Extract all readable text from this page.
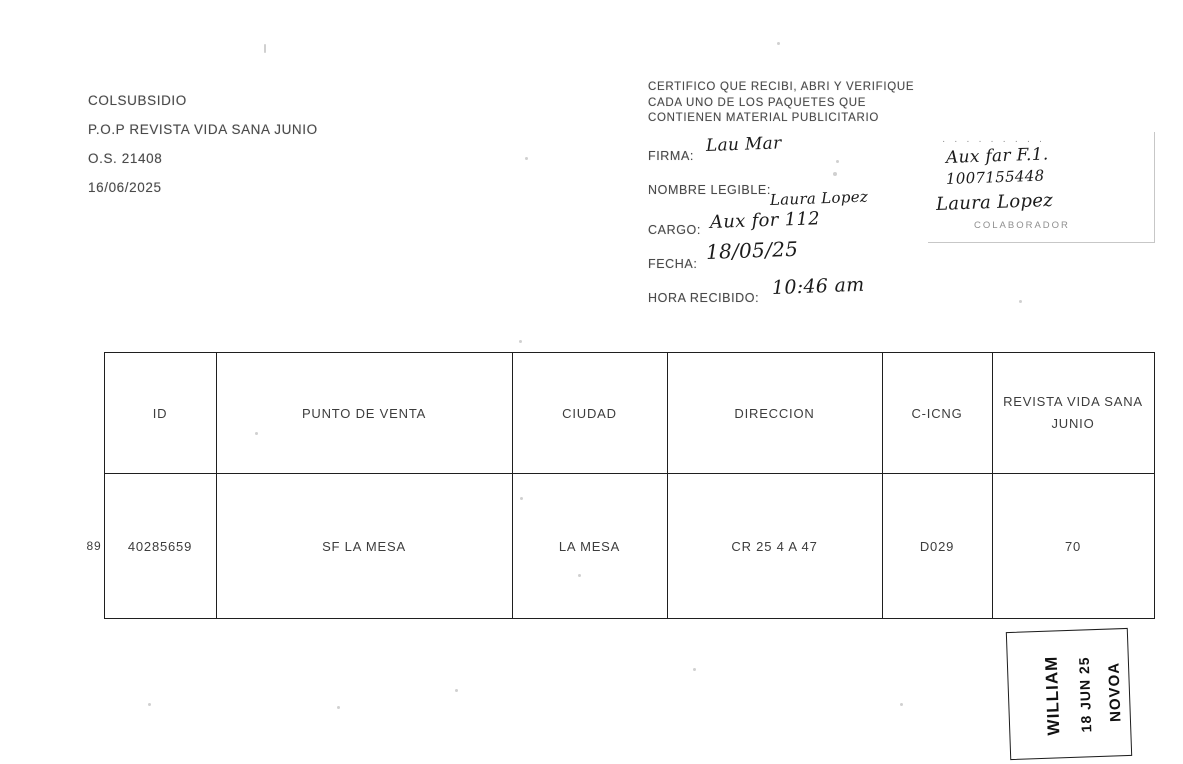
COLSUBSIDIO
P.O.P REVISTA VIDA SANA JUNIO
O.S. 21408
16/06/2025
CERTIFICO QUE RECIBI, ABRI Y VERIFIQUE
CADA UNO DE LOS PAQUETES QUE
CONTIENEN MATERIAL PUBLICITARIO
FIRMA:
Lau Mar
NOMBRE LEGIBLE:
Laura Lopez
CARGO: Aux for 112
FECHA:
18/05/25
HORA RECIBIDO: 10:46 am
· · · · · · · · ·
Aux far F.1.
1007155448
Laura Lopez
COLABORADOR
	ID	PUNTO DE VENTA	CIUDAD	DIRECCION	C-ICNG	REVISTA VIDA SANA
JUNIO

89	40285659	SF LA MESA	LA MESA	CR 25 4 A 47	D029	70
WILLIAM 18 JUN 25 NOVOA
